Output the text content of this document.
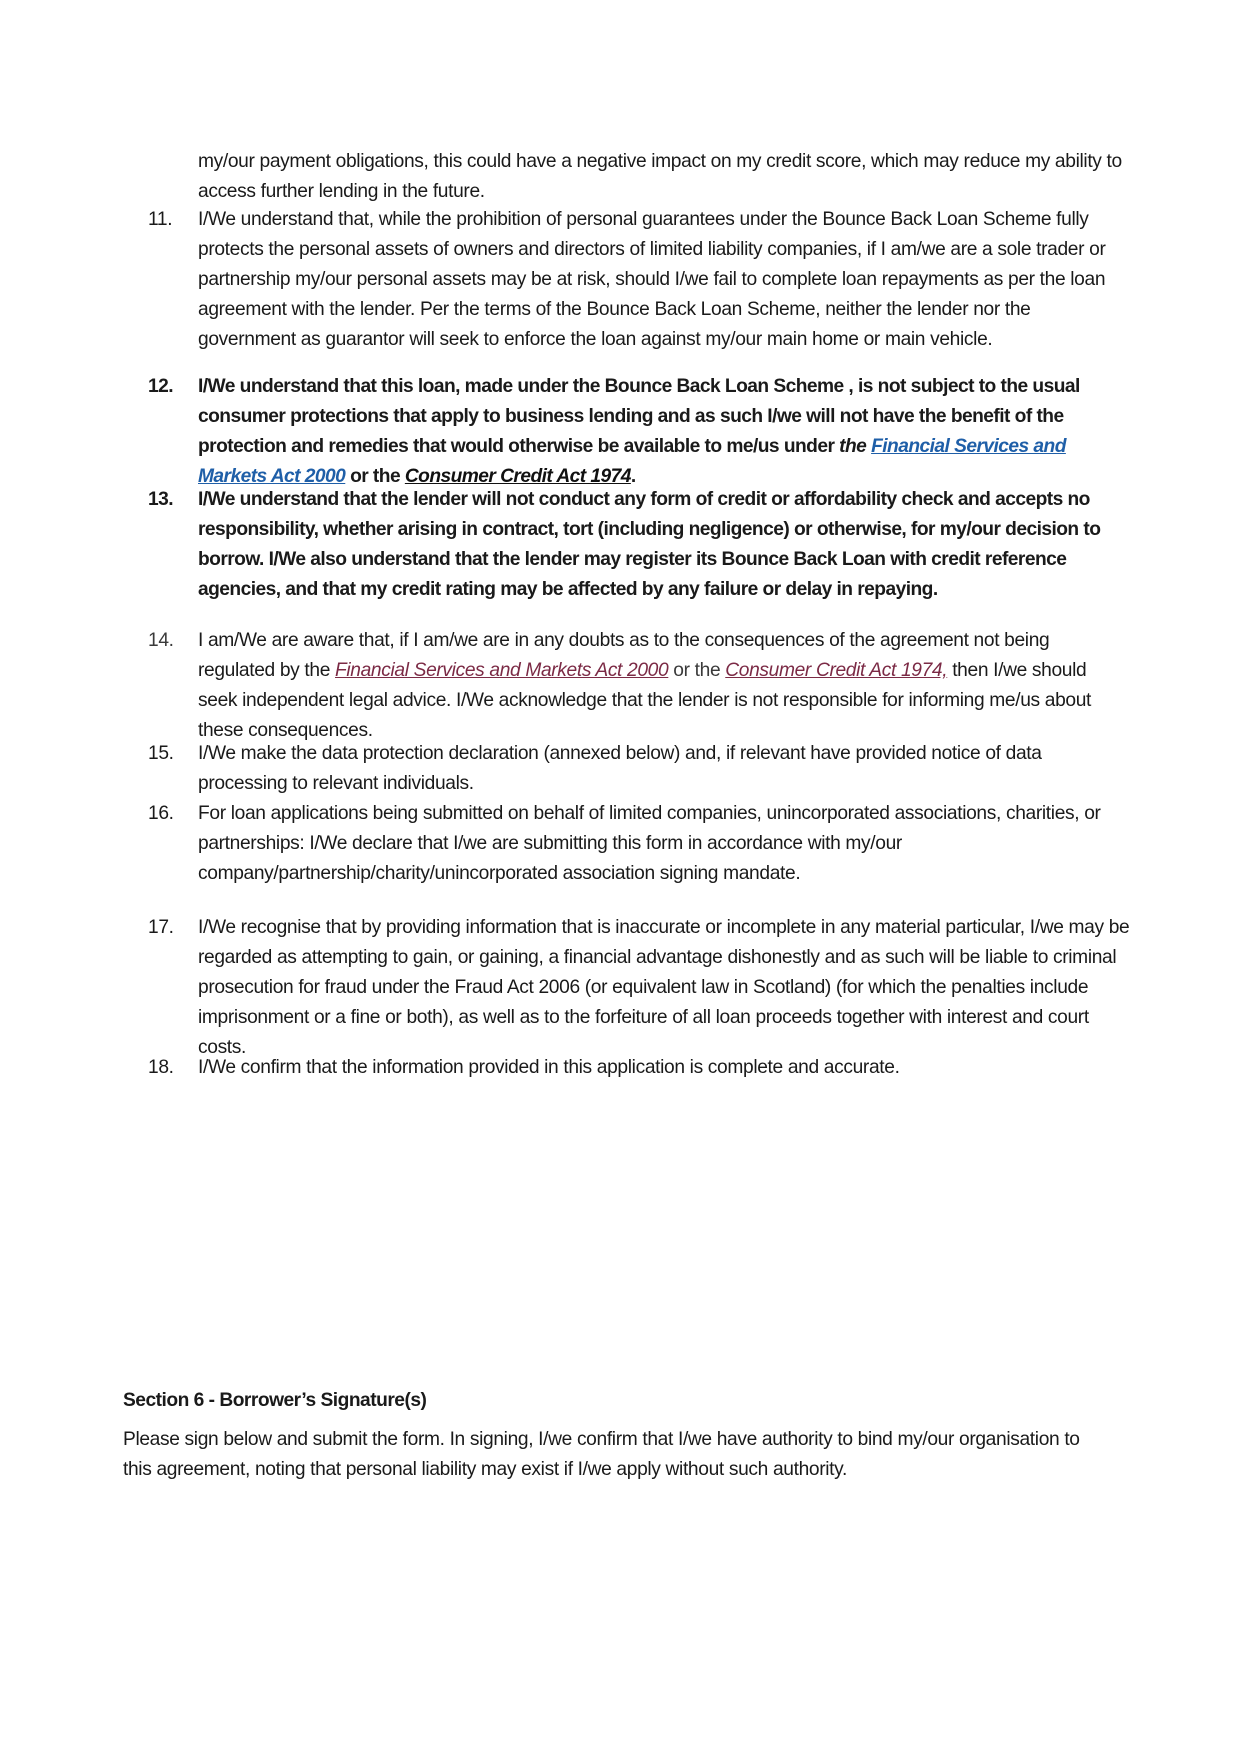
my/our payment obligations, this could have a negative impact on my credit score, which may reduce my ability to access further lending in the future.
11.	I/We understand that, while the prohibition of personal guarantees under the Bounce Back Loan Scheme fully protects the personal assets of owners and directors of limited liability companies, if I am/we are a sole trader or partnership my/our personal assets may be at risk, should I/we fail to complete loan repayments as per the loan agreement with the lender. Per the terms of the Bounce Back Loan Scheme, neither the lender nor the government as guarantor will seek to enforce the loan against my/our main home or main vehicle.
12.	I/We understand that this loan, made under the Bounce Back Loan Scheme , is not subject to the usual consumer protections that apply to business lending and as such I/we will not have the benefit of the protection and remedies that would otherwise be available to me/us under the Financial Services and Markets Act 2000 or the Consumer Credit Act 1974.
13.	I/We understand that the lender will not conduct any form of credit or affordability check and accepts no responsibility, whether arising in contract, tort (including negligence) or otherwise, for my/our decision to borrow. I/We also understand that the lender may register its Bounce Back Loan with credit reference agencies, and that my credit rating may be affected by any failure or delay in repaying.
14.	I am/We are aware that, if I am/we are in any doubts as to the consequences of the agreement not being regulated by the Financial Services and Markets Act 2000 or the Consumer Credit Act 1974, then I/we should seek independent legal advice. I/We acknowledge that the lender is not responsible for informing me/us about these consequences.
15.	I/We make the data protection declaration (annexed below) and, if relevant have provided notice of data processing to relevant individuals.
16.	For loan applications being submitted on behalf of limited companies, unincorporated associations, charities, or partnerships: I/We declare that I/we are submitting this form in accordance with my/our company/partnership/charity/unincorporated association signing mandate.
17.	I/We recognise that by providing information that is inaccurate or incomplete in any material particular, I/we may be regarded as attempting to gain, or gaining, a financial advantage dishonestly and as such will be liable to criminal prosecution for fraud under the Fraud Act 2006 (or equivalent law in Scotland) (for which the penalties include imprisonment or a fine or both), as well as to the forfeiture of all loan proceeds together with interest and court costs.
18.	I/We confirm that the information provided in this application is complete and accurate.
Section 6 - Borrower’s Signature(s)
Please sign below and submit the form. In signing, I/we confirm that I/we have authority to bind my/our organisation to this agreement, noting that personal liability may exist if I/we apply without such authority.
